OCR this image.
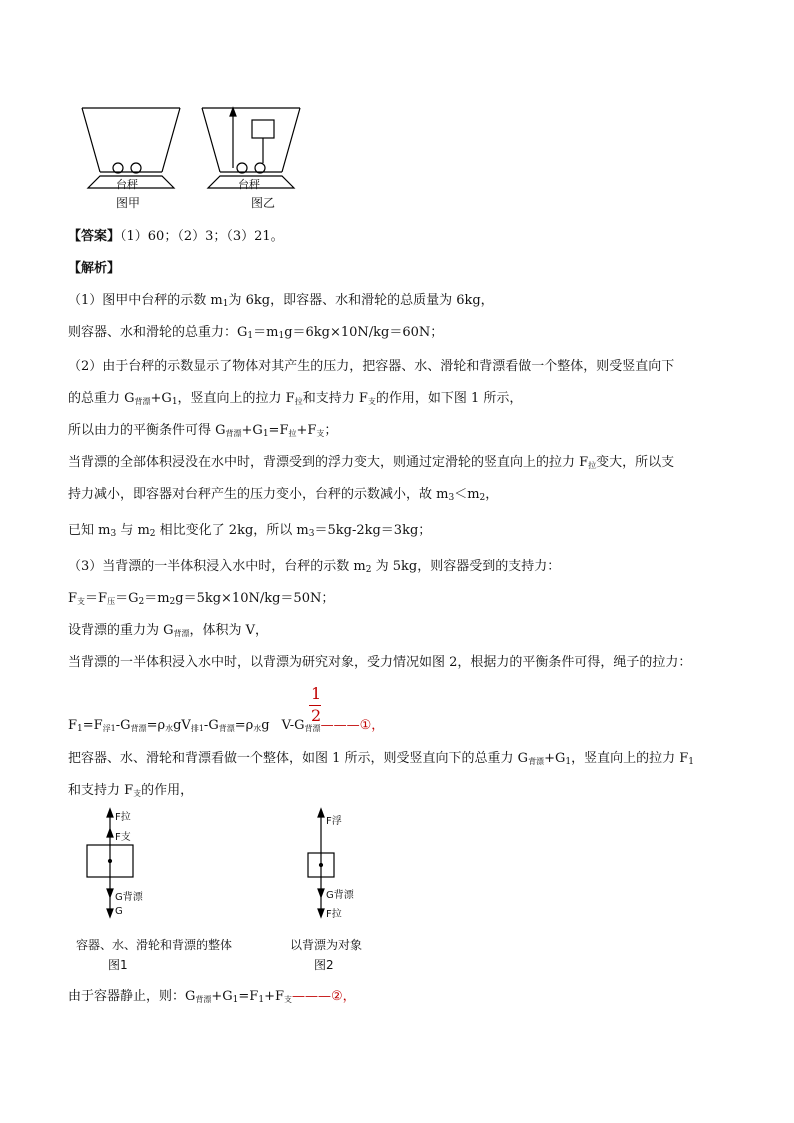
台秤	台秤
图甲	图乙
【答案】（1）60；（2）3；（3）21。
【解析】
（1）图甲中台秤的示数 $m_1$为 6kg，即容器、水和滑轮的总质量为 6kg，
则容器、水和滑轮的总重力：$G_1=m_1g=6kg\times 10N/kg=60N$；
（2）由于台秤的示数显示了物体对其产生的压力，把容器、水、滑轮和背漂看做一个整体，则受竖直向下
的总重力 $G_{背漂}+G_1$，竖直向上的拉力 $F_拉$和支持力 $F_支$的作用，如下图 1 所示，
所以由力的平衡条件可得 $G_{背漂}+G_1=F_拉+F_支$；
当背漂的全部体积浸没在水中时，背漂受到的浮力变大，则通过定滑轮的竖直向上的拉力 $F_拉$变大，所以支
持力减小，即容器对台秤产生的压力变小，台秤的示数减小，故 $m_3<m_2$，
已知 $m_3$ 与 $m_2$ 相比变化了 2kg，所以 $m_3=5kg-2kg=3kg$；
（3）当背漂的一半体积浸入水中时，台秤的示数 $m_2$ 为 5kg，则容器受到的支持力：
$F_支=F_压=G_2=m_2g=5kg\times 10N/kg=50N$；
设背漂的重力为 $G_{背漂}$，体积为 V，
当背漂的一半体积浸入水中时，以背漂为研究对象，受力情况如图 2，根据力的平衡条件可得，绳子的拉力：
1
2
$F_1=F_{浮1}-G_{背漂}=\rho_水gV_{排1}-G_{背漂}=\rho_水g$ $V-G_{背漂}———①$，
把容器、水、滑轮和背漂看做一个整体，如图 1 所示，则受竖直向下的总重力 $G_{背漂}+G_1$，竖直向上的拉力 $F_1$
和支持力 $F_支$的作用，
F拉
F支
G背漂
G
F浮
G背漂
F拉
容器、水、滑轮和背漂的整体
图1
以背漂为对象
图2
由于容器静止，则：$G_{背漂}+G_1=F_1+F_支———②$，
